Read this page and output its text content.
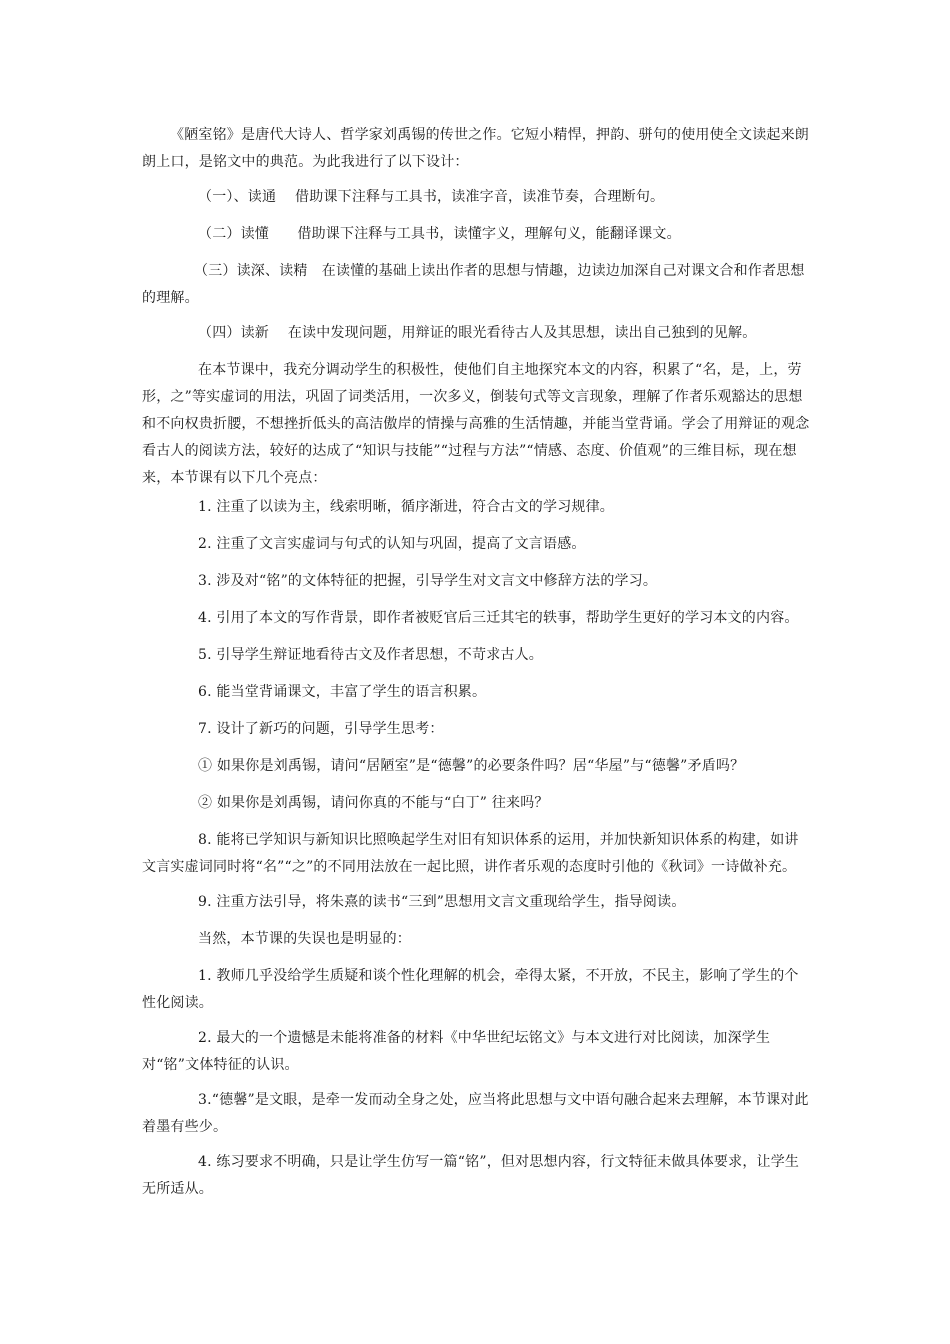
《陋室铭》是唐代大诗人、哲学家刘禹锡的传世之作。它短小精悍，押韵、骈句的使用使全文读起来朗朗上口，是铭文中的典范。为此我进行了以下设计：
（一）、读通　 借助课下注释与工具书，读准字音，读准节奏，合理断句。
（二）读懂　　借助课下注释与工具书，读懂字义，理解句义，能翻译课文。
（三）读深、读精　在读懂的基础上读出作者的思想与情趣，边读边加深自己对课文合和作者思想的理解。
（四）读新　 在读中发现问题，用辩证的眼光看待古人及其思想，读出自己独到的见解。
在本节课中，我充分调动学生的积极性，使他们自主地探究本文的内容，积累了“名，是，上，劳形，之”等实虚词的用法，巩固了词类活用，一次多义，倒装句式等文言现象，理解了作者乐观豁达的思想和不向权贵折腰，不想挫折低头的高洁傲岸的情操与高雅的生活情趣，并能当堂背诵。学会了用辩证的观念看古人的阅读方法，较好的达成了“知识与技能”“过程与方法”“情感、态度、价值观”的三维目标，现在想来，本节课有以下几个亮点：
1. 注重了以读为主，线索明晰，循序渐进，符合古文的学习规律。
2. 注重了文言实虚词与句式的认知与巩固，提高了文言语感。
3. 涉及对“铭”的文体特征的把握，引导学生对文言文中修辞方法的学习。
4. 引用了本文的写作背景，即作者被贬官后三迁其宅的轶事，帮助学生更好的学习本文的内容。
5. 引导学生辩证地看待古文及作者思想，不苛求古人。
6. 能当堂背诵课文，丰富了学生的语言积累。
7. 设计了新巧的问题，引导学生思考：
① 如果你是刘禹锡，请问“居陋室”是“德馨”的必要条件吗？居“华屋”与“德馨”矛盾吗？
② 如果你是刘禹锡，请问你真的不能与“白丁” 往来吗？
8. 能将已学知识与新知识比照唤起学生对旧有知识体系的运用，并加快新知识体系的构建，如讲文言实虚词同时将“名”“之”的不同用法放在一起比照，讲作者乐观的态度时引他的《秋词》一诗做补充。
9. 注重方法引导，将朱熹的读书“三到”思想用文言文重现给学生，指导阅读。
当然，本节课的失误也是明显的：
1. 教师几乎没给学生质疑和谈个性化理解的机会，牵得太紧，不开放，不民主，影响了学生的个性化阅读。
2. 最大的一个遗憾是未能将准备的材料《中华世纪坛铭文》与本文进行对比阅读，加深学生对“铭”文体特征的认识。
3.“德馨”是文眼，是牵一发而动全身之处，应当将此思想与文中语句融合起来去理解，本节课对此着墨有些少。
4. 练习要求不明确，只是让学生仿写一篇“铭”，但对思想内容，行文特征未做具体要求，让学生无所适从。
